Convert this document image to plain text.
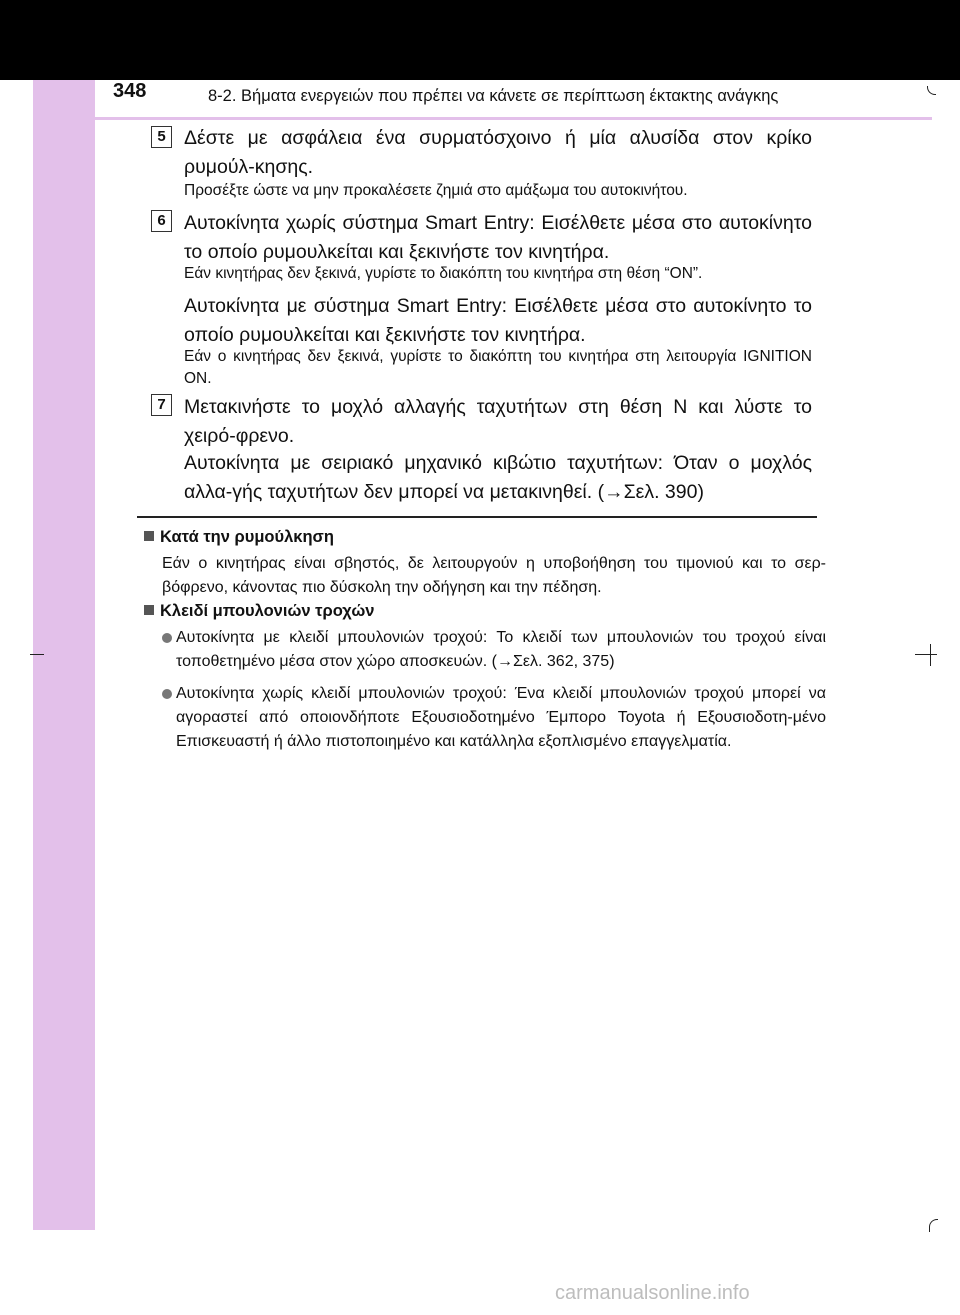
348	8-2. Βήματα ενεργειών που πρέπει να κάνετε σε περίπτωση έκτακτης ανάγκης
5 Δέστε με ασφάλεια ένα συρματόσχοινο ή μία αλυσίδα στον κρίκο ρυμούλ-κησης.
Προσέξτε ώστε να μην προκαλέσετε ζημιά στο αμάξωμα του αυτοκινήτου.
6 Αυτοκίνητα χωρίς σύστημα Smart Entry: Εισέλθετε μέσα στο αυτοκίνητο το οποίο ρυμουλκείται και ξεκινήστε τον κινητήρα.
Εάν κινητήρας δεν ξεκινά, γυρίστε το διακόπτη του κινητήρα στη θέση “ON”.
Αυτοκίνητα με σύστημα Smart Entry: Εισέλθετε μέσα στο αυτοκίνητο το οποίο ρυμουλκείται και ξεκινήστε τον κινητήρα.
Εάν ο κινητήρας δεν ξεκινά, γυρίστε το διακόπτη του κινητήρα στη λειτουργία IGNITION ON.
7 Μετακινήστε το μοχλό αλλαγής ταχυτήτων στη θέση N και λύστε το χειρό-φρενο.
Αυτοκίνητα με σειριακό μηχανικό κιβώτιο ταχυτήτων: Όταν ο μοχλός αλλα-γής ταχυτήτων δεν μπορεί να μετακινηθεί. (→Σελ. 390)
Κατά την ρυμούλκηση
Εάν ο κινητήρας είναι σβηστός, δε λειτουργούν η υποβοήθηση του τιμονιού και το σερ-βόφρενο, κάνοντας πιο δύσκολη την οδήγηση και την πέδηση.
Κλειδί μπουλονιών τροχών
Αυτοκίνητα με κλειδί μπουλονιών τροχού: Το κλειδί των μπουλονιών του τροχού είναι τοποθετημένο μέσα στον χώρο αποσκευών. (→Σελ. 362, 375)
Αυτοκίνητα χωρίς κλειδί μπουλονιών τροχού: Ένα κλειδί μπουλονιών τροχού μπορεί να αγοραστεί από οποιονδήποτε Εξουσιοδοτημένο Έμπορο Toyota ή Εξουσιοδοτη-μένο Επισκευαστή ή άλλο πιστοποιημένο και κατάλληλα εξοπλισμένο επαγγελματία.
carmanualsonline.info
